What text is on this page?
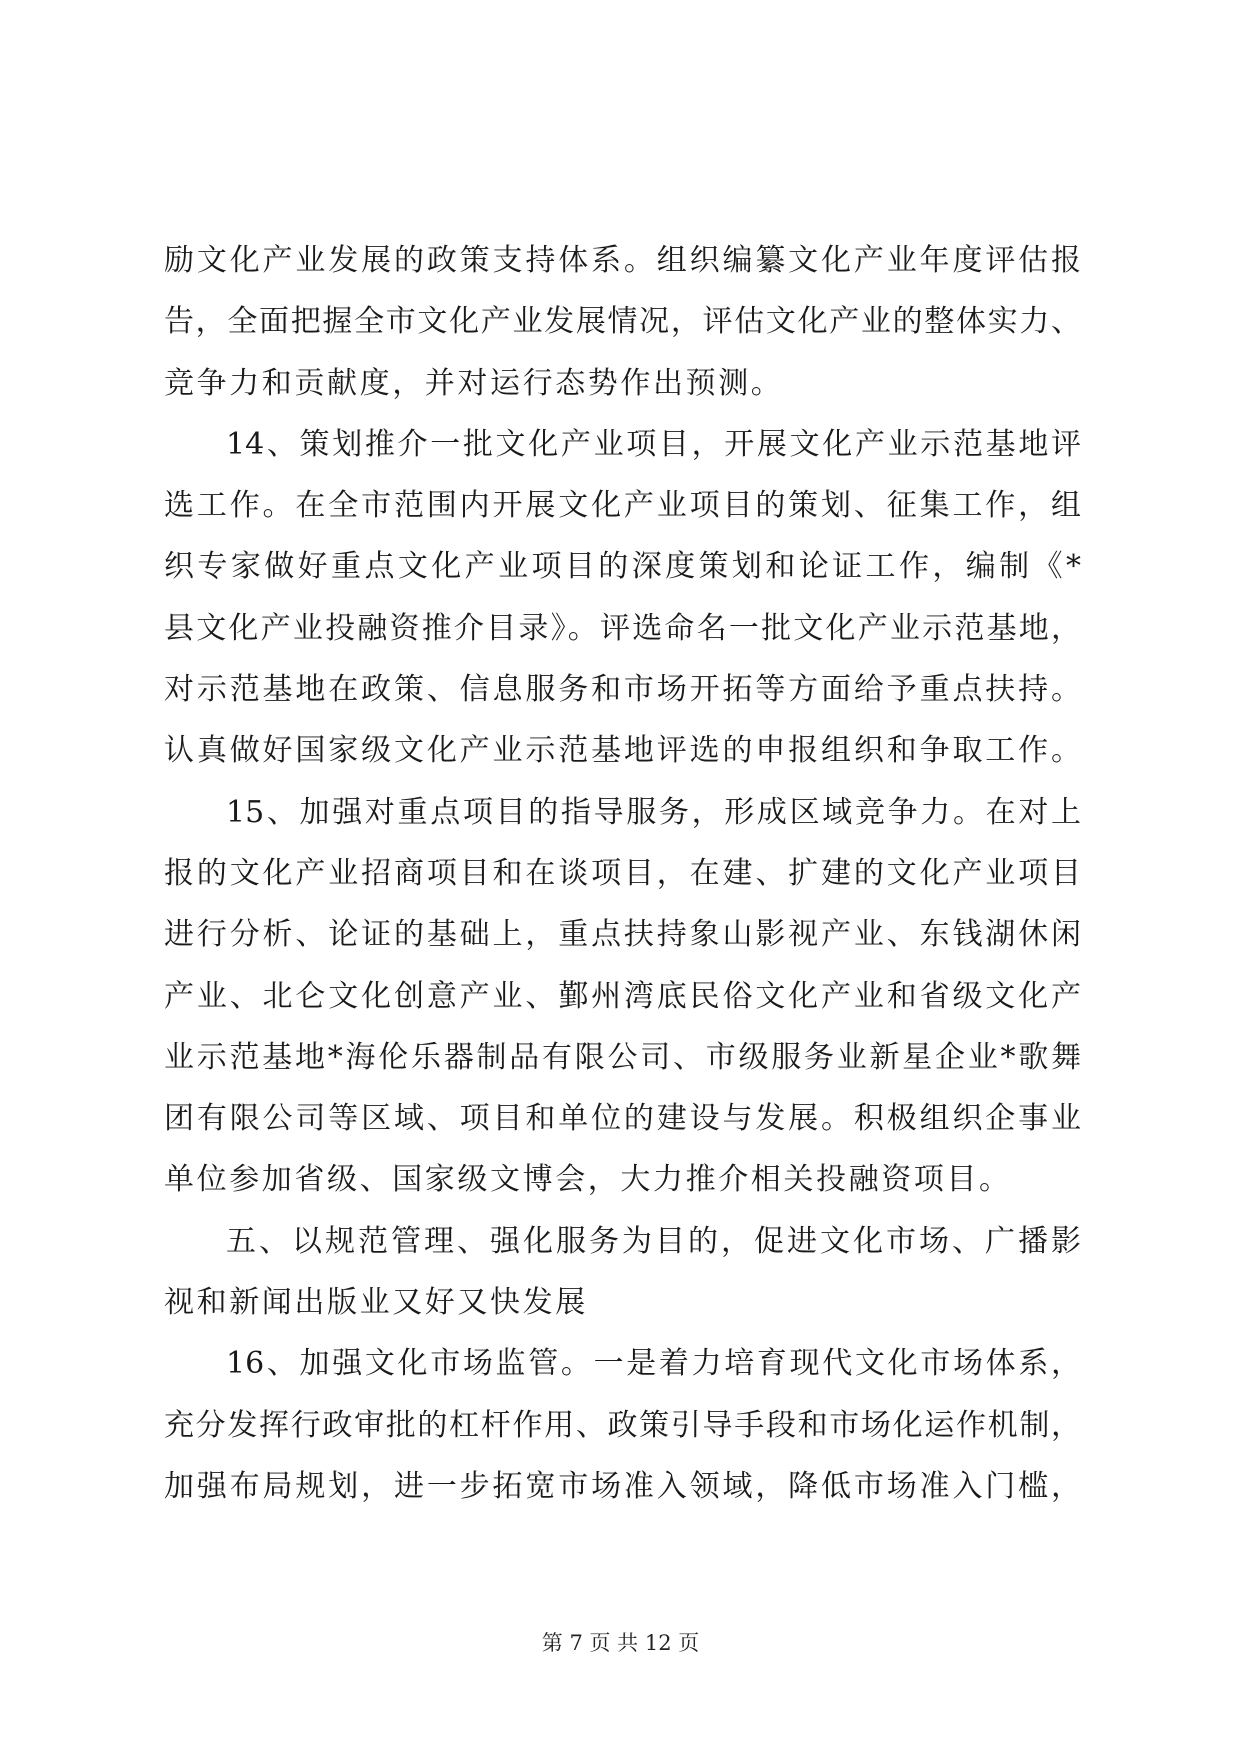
励文化产业发展的政策支持体系。组织编纂文化产业年度评估报
告，全面把握全市文化产业发展情况，评估文化产业的整体实力、
竞争力和贡献度，并对运行态势作出预测。
14、策划推介一批文化产业项目，开展文化产业示范基地评
选工作。在全市范围内开展文化产业项目的策划、征集工作，组
织专家做好重点文化产业项目的深度策划和论证工作，编制《*
县文化产业投融资推介目录》。评选命名一批文化产业示范基地，
对示范基地在政策、信息服务和市场开拓等方面给予重点扶持。
认真做好国家级文化产业示范基地评选的申报组织和争取工作。
15、加强对重点项目的指导服务，形成区域竞争力。在对上
报的文化产业招商项目和在谈项目，在建、扩建的文化产业项目
进行分析、论证的基础上，重点扶持象山影视产业、东钱湖休闲
产业、北仑文化创意产业、鄞州湾底民俗文化产业和省级文化产
业示范基地*海伦乐器制品有限公司、市级服务业新星企业*歌舞
团有限公司等区域、项目和单位的建设与发展。积极组织企事业
单位参加省级、国家级文博会，大力推介相关投融资项目。
五、以规范管理、强化服务为目的，促进文化市场、广播影
视和新闻出版业又好又快发展
16、加强文化市场监管。一是着力培育现代文化市场体系，
充分发挥行政审批的杠杆作用、政策引导手段和市场化运作机制，
加强布局规划，进一步拓宽市场准入领域，降低市场准入门槛，
第 7 页 共 12 页
